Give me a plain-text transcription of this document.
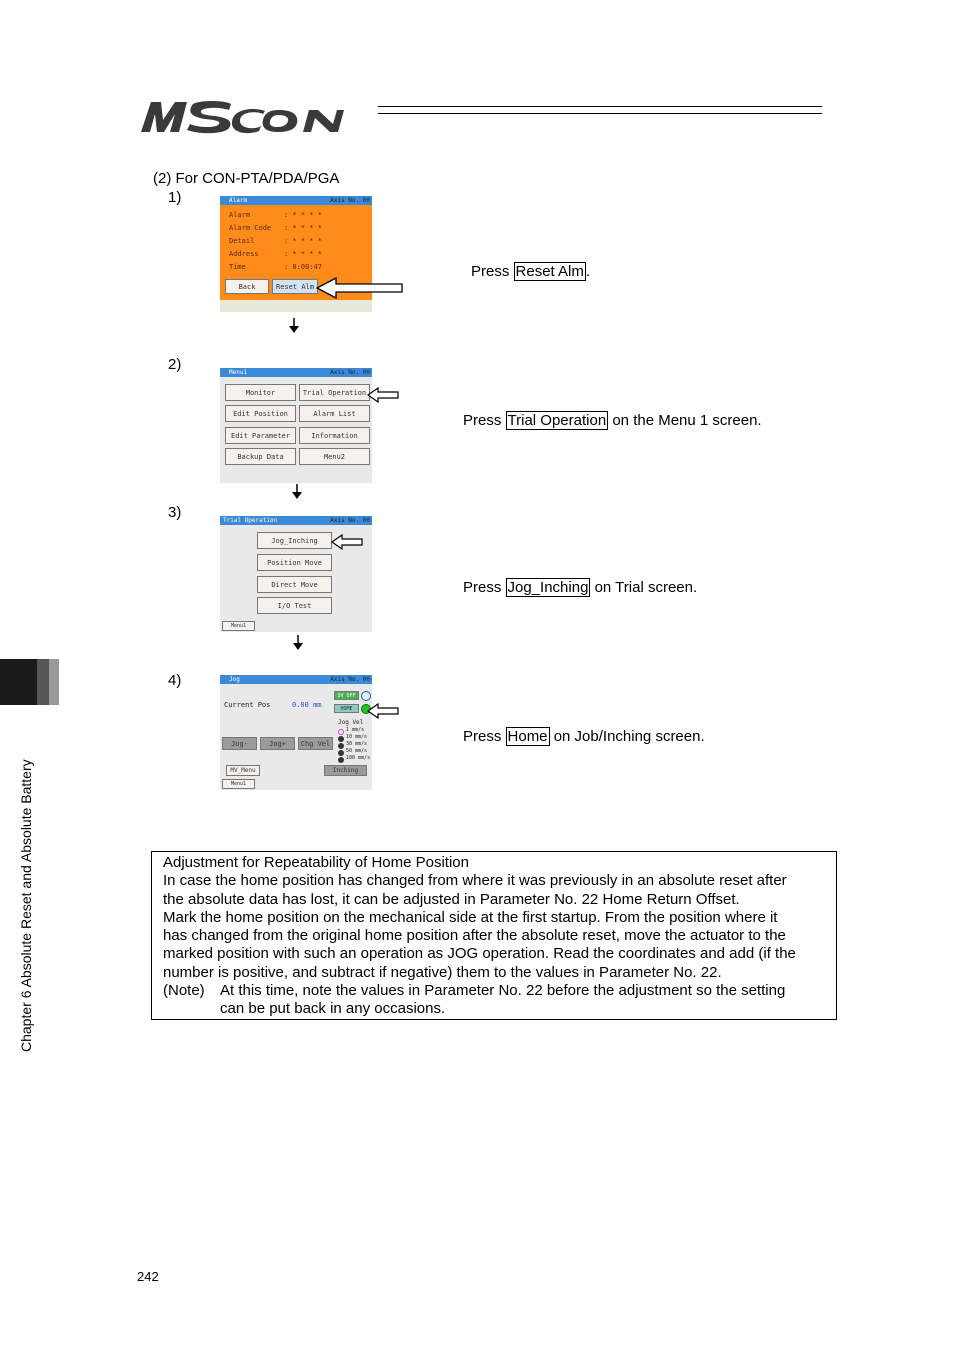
MSCON
(2) For CON-PTA/PDA/PGA
1)
2)
3)
4)
Press Reset Alm .
Press Trial Operation on the Menu 1 screen.
Press Jog_Inching on Trial screen.
Press Home on Job/Inching screen.
Alarm	Axis No. 00
Alarm	: * * * *
Alarm Code : * * * *
Detail	: * * * *
Address	: * * * *
Time	: 0:00:47
Back	Reset Alm
Menu1	Axis No. 00
Monitor	Trial Operation
Edit Position	Alarm List
Edit Parameter	Information
Backup Data	Menu2
Trial Operation	Axis No. 00
Jog_Inching
Position Move
Direct Move
I/O Test
Menu1
Jog	Axis No. 00
Current Pos	0.00 mm
SV OFF
HOME
Jog Vel
1 mm/s
10 mm/s
30 mm/s
50 mm/s
100 mm/s
Jog-	Jog+	Chg Vel
MV_Menu	Inching
Menu1

Adjustment for Repeatability of Home Position

In case the home position has changed from where it was previously in an absolute reset after

the absolute data has lost, it can be adjusted in Parameter No. 22 Home Return Offset.

Mark the home position on the mechanical side at the first startup. From the position where it

has changed from the original home position after the absolute reset, move the actuator to the

marked position with such an operation as JOG operation. Read the coordinates and add (if the

number is positive, and subtract if negative) them to the values in Parameter No. 22.

(Note)	At this time, note the values in Parameter No. 22 before the adjustment so the setting
can be put back in any occasions.
Chapter 6 Absolute Reset and Absolute Battery
242
